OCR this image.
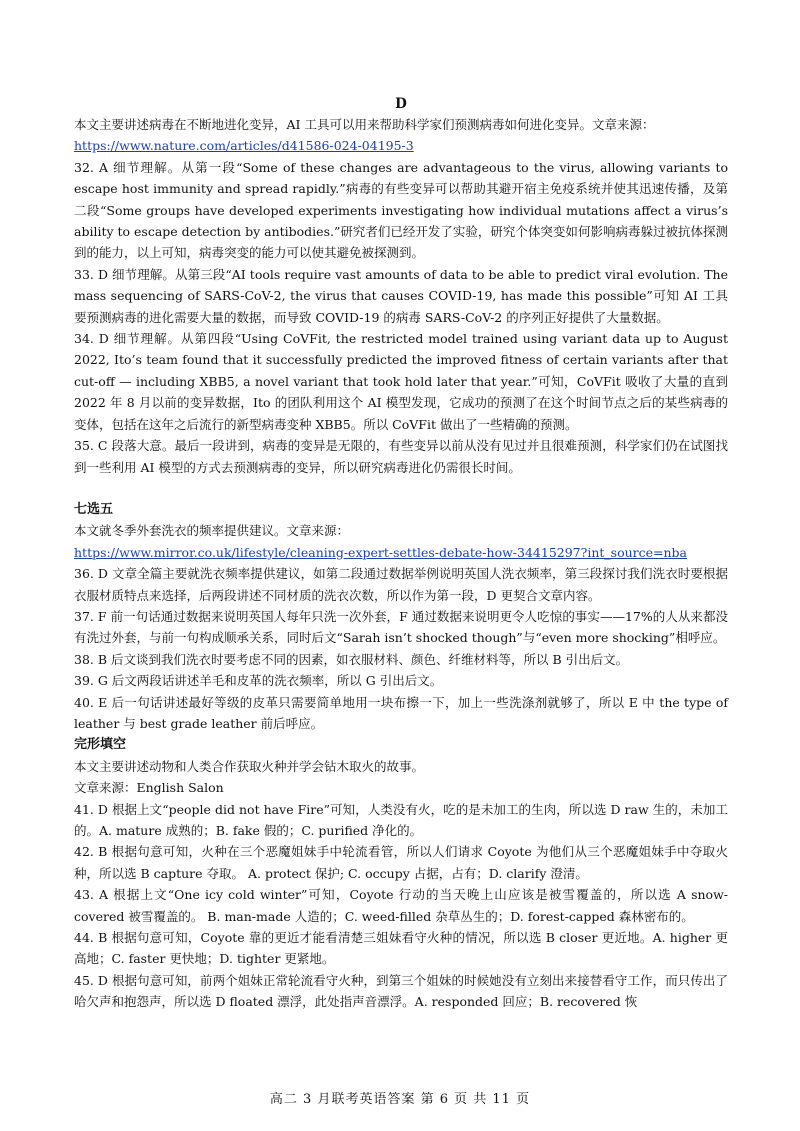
D

本文主要讲述病毒在不断地进化变异，AI 工具可以用来帮助科学家们预测病毒如何进化变异。文章来源：

https://www.nature.com/articles/d41586-024-04195-3

32. A 细节理解。从第一段“Some of these changes are advantageous to the virus, allowing variants to escape host immunity and spread rapidly.”病毒的有些变异可以帮助其避开宿主免疫系统并使其迅速传播，及第二段“Some groups have developed experiments investigating how individual mutations affect a virus’s ability to escape detection by antibodies.”研究者们已经开发了实验，研究个体突变如何影响病毒躲过被抗体探测到的能力，以上可知，病毒突变的能力可以使其避免被探测到。

33. D 细节理解。从第三段“AI tools require vast amounts of data to be able to predict viral evolution. The mass sequencing of SARS-CoV-2, the virus that causes COVID-19, has made this possible”可知 AI 工具要预测病毒的进化需要大量的数据，而导致 COVID-19 的病毒 SARS-CoV-2 的序列正好提供了大量数据。

34. D 细节理解。从第四段“Using CoVFit, the restricted model trained using variant data up to August 2022, Ito’s team found that it successfully predicted the improved fitness of certain variants after that cut-off — including XBB5, a novel variant that took hold later that year.”可知，CoVFit 吸收了大量的直到 2022 年 8 月以前的变异数据，Ito 的团队利用这个 AI 模型发现，它成功的预测了在这个时间节点之后的某些病毒的变体，包括在这年之后流行的新型病毒变种 XBB5。所以 CoVFit 做出了一些精确的预测。

35. C 段落大意。最后一段讲到，病毒的变异是无限的，有些变异以前从没有见过并且很难预测，科学家们仍在试图找到一些利用 AI 模型的方式去预测病毒的变异，所以研究病毒进化仍需很长时间。

七选五

本文就冬季外套洗衣的频率提供建议。文章来源：

https://www.mirror.co.uk/lifestyle/cleaning-expert-settles-debate-how-34415297?int_source=nba

36. D 文章全篇主要就洗衣频率提供建议，如第二段通过数据举例说明英国人洗衣频率，第三段探讨我们洗衣时要根据衣服材质特点来选择，后两段讲述不同材质的洗衣次数，所以作为第一段，D 更契合文章内容。

37. F 前一句话通过数据来说明英国人每年只洗一次外套，F 通过数据来说明更令人吃惊的事实——17%的人从来都没有洗过外套，与前一句构成顺承关系，同时后文“Sarah isn’t shocked though”与“even more shocking”相呼应。

38. B 后文谈到我们洗衣时要考虑不同的因素，如衣服材料、颜色、纤维材料等，所以 B 引出后文。

39. G 后文两段话讲述羊毛和皮革的洗衣频率，所以 G 引出后文。

40. E 后一句话讲述最好等级的皮革只需要简单地用一块布擦一下，加上一些洗涤剂就够了，所以 E 中 the type of leather 与 best grade leather 前后呼应。

完形填空

本文主要讲述动物和人类合作获取火种并学会钻木取火的故事。

文章来源：English Salon

41. D 根据上文“people did not have Fire”可知，人类没有火，吃的是未加工的生肉，所以选 D raw 生的，未加工的。A. mature 成熟的；B. fake 假的；C. purified 净化的。

42. B 根据句意可知，火种在三个恶魔姐妹手中轮流看管，所以人们请求 Coyote 为他们从三个恶魔姐妹手中夺取火种，所以选 B capture 夺取。 A. protect 保护; C. occupy 占据，占有；D. clarify 澄清。

43. A 根据上文“One icy cold winter”可知，Coyote 行动的当天晚上山应该是被雪覆盖的，所以选 A snow-covered 被雪覆盖的。 B. man-made 人造的；C. weed-filled 杂草丛生的；D. forest-capped 森林密布的。

44. B 根据句意可知，Coyote 靠的更近才能看清楚三姐妹看守火种的情况，所以选 B closer 更近地。A. higher 更高地；C. faster 更快地；D. tighter 更紧地。

45. D 根据句意可知，前两个姐妹正常轮流看守火种，到第三个姐妹的时候她没有立刻出来接替看守工作，而只传出了哈欠声和抱怨声，所以选 D floated 漂浮，此处指声音漂浮。A. responded 回应；B. recovered 恢

高二 3 月联考英语答案 第 6 页 共 11 页
